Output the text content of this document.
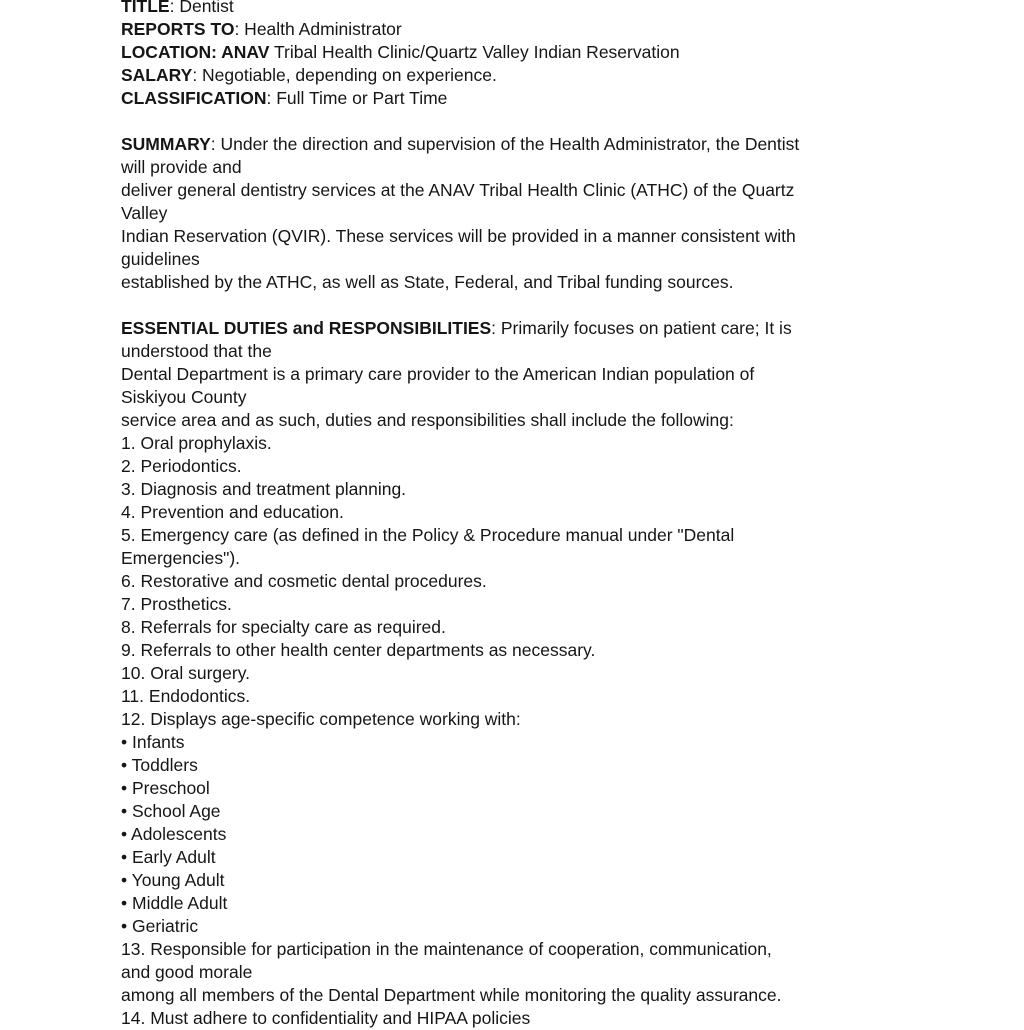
TITLE: Dentist
REPORTS TO: Health Administrator
LOCATION: ANAV Tribal Health Clinic/Quartz Valley Indian Reservation
SALARY: Negotiable, depending on experience.
CLASSIFICATION: Full Time or Part Time

SUMMARY: Under the direction and supervision of the Health Administrator, the Dentist
will provide and
deliver general dentistry services at the ANAV Tribal Health Clinic (ATHC) of the Quartz
Valley
Indian Reservation (QVIR). These services will be provided in a manner consistent with
guidelines
established by the ATHC, as well as State, Federal, and Tribal funding sources.

ESSENTIAL DUTIES and RESPONSIBILITIES: Primarily focuses on patient care; It is
understood that the
Dental Department is a primary care provider to the American Indian population of
Siskiyou County
service area and as such, duties and responsibilities shall include the following:
1. Oral prophylaxis.
2. Periodontics.
3. Diagnosis and treatment planning.
4. Prevention and education.
5. Emergency care (as defined in the Policy & Procedure manual under "Dental
Emergencies").
6. Restorative and cosmetic dental procedures.
7. Prosthetics.
8. Referrals for specialty care as required.
9. Referrals to other health center departments as necessary.
10. Oral surgery.
11. Endodontics.
12. Displays age-specific competence working with:
• Infants
• Toddlers
• Preschool
• School Age
• Adolescents
• Early Adult
• Young Adult
• Middle Adult
• Geriatric
13. Responsible for participation in the maintenance of cooperation, communication,
and good morale
among all members of the Dental Department while monitoring the quality assurance.
14. Must adhere to confidentiality and HIPAA policies
